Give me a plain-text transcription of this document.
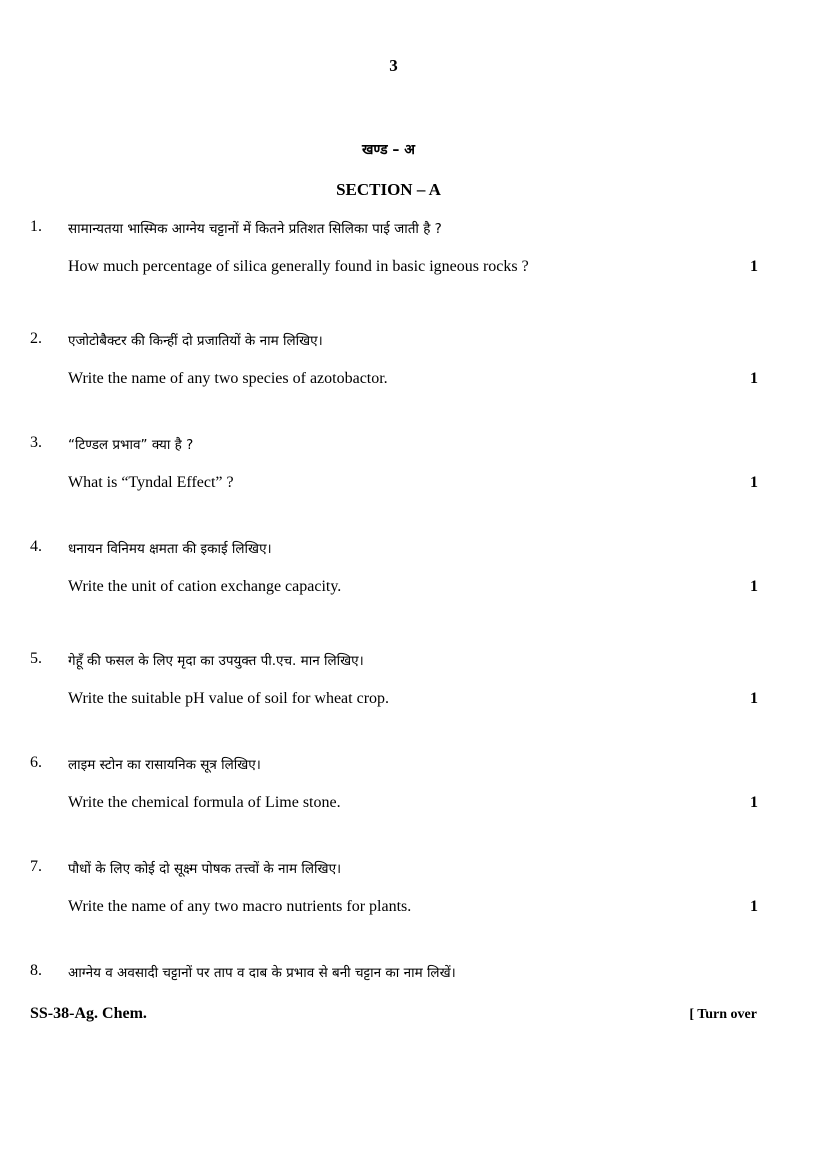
3
खण्ड – अ
SECTION – A
1. सामान्यतया भास्मिक आग्नेय चट्टानों में कितने प्रतिशत सिलिका पाई जाती है ?
How much percentage of silica generally found in basic igneous rocks ?	1
2. एजोटोबैक्टर की किन्हीं दो प्रजातियों के नाम लिखिए।
Write the name of any two species of azotobactor.	1
3. “टिण्डल प्रभाव” क्या है ?
What is “Tyndal Effect” ?	1
4. धनायन विनिमय क्षमता की इकाई लिखिए।
Write the unit of cation exchange capacity.	1
5. गेहूँ की फसल के लिए मृदा का उपयुक्त पी.एच. मान लिखिए।
Write the suitable pH value of soil for wheat crop.	1
6. लाइम स्टोन का रासायनिक सूत्र लिखिए।
Write the chemical formula of Lime stone.	1
7. पौधों के लिए कोई दो सूक्ष्म पोषक तत्त्वों के नाम लिखिए।
Write the name of any two macro nutrients for plants.	1
8. आग्नेय व अवसादी चट्टानों पर ताप व दाब के प्रभाव से बनी चट्टान का नाम लिखें।
SS-38-Ag. Chem.	[ Turn over
